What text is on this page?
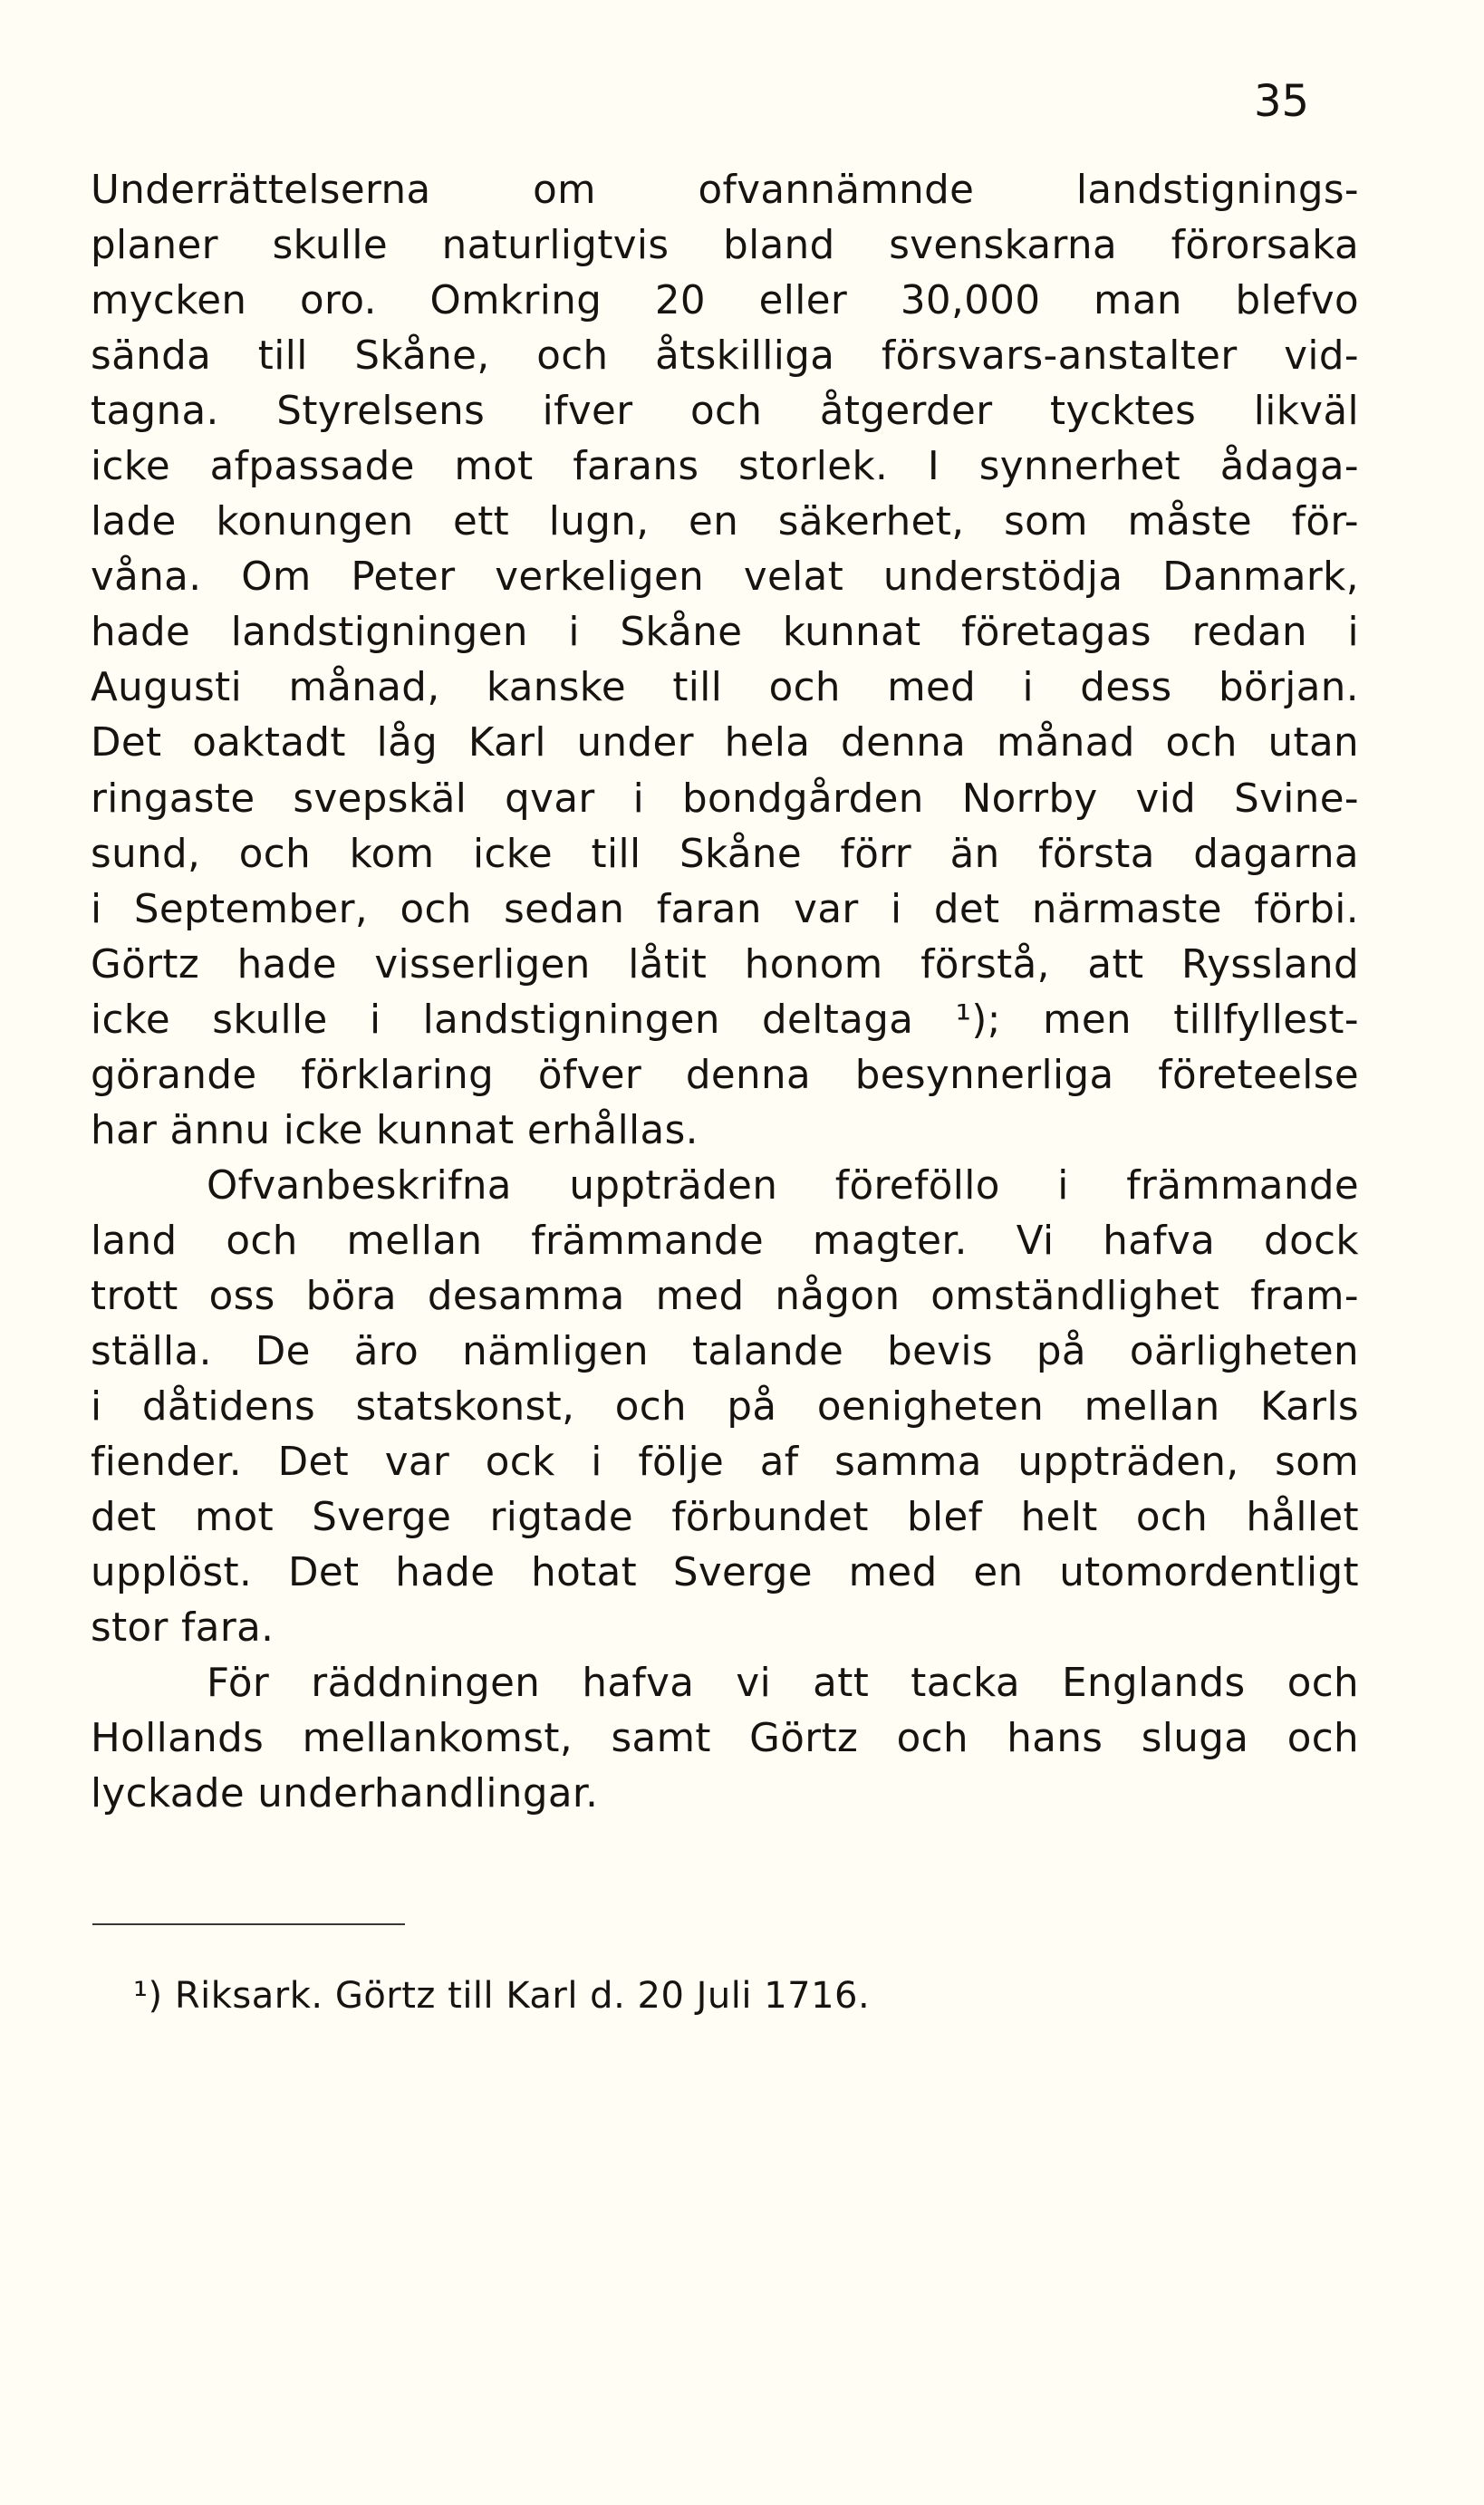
35
Underrättelserna om ofvannämnde landstignings-
planer skulle naturligtvis bland svenskarna förorsaka
mycken oro. Omkring 20 eller 30,000 man blefvo
sända till Skåne, och åtskilliga försvars-anstalter vid-
tagna. Styrelsens ifver och åtgerder tycktes likväl
icke afpassade mot farans storlek. I synnerhet ådaga-
lade konungen ett lugn, en säkerhet, som måste för-
våna. Om Peter verkeligen velat understödja Danmark,
hade landstigningen i Skåne kunnat företagas redan i
Augusti månad, kanske till och med i dess början.
Det oaktadt låg Karl under hela denna månad och utan
ringaste svepskäl qvar i bondgården Norrby vid Svine-
sund, och kom icke till Skåne förr än första dagarna
i September, och sedan faran var i det närmaste förbi.
Görtz hade visserligen låtit honom förstå, att Ryssland
icke skulle i landstigningen deltaga ¹); men tillfyllest-
görande förklaring öfver denna besynnerliga företeelse
har ännu icke kunnat erhållas.
Ofvanbeskrifna uppträden föreföllo i främmande
land och mellan främmande magter. Vi hafva dock
trott oss böra desamma med någon omständlighet fram-
ställa. De äro nämligen talande bevis på oärligheten
i dåtidens statskonst, och på oenigheten mellan Karls
fiender. Det var ock i följe af samma uppträden, som
det mot Sverge rigtade förbundet blef helt och hållet
upplöst. Det hade hotat Sverge med en utomordentligt
stor fara.
För räddningen hafva vi att tacka Englands och
Hollands mellankomst, samt Görtz och hans sluga och
lyckade underhandlingar.
¹) Riksark. Görtz till Karl d. 20 Juli 1716.
